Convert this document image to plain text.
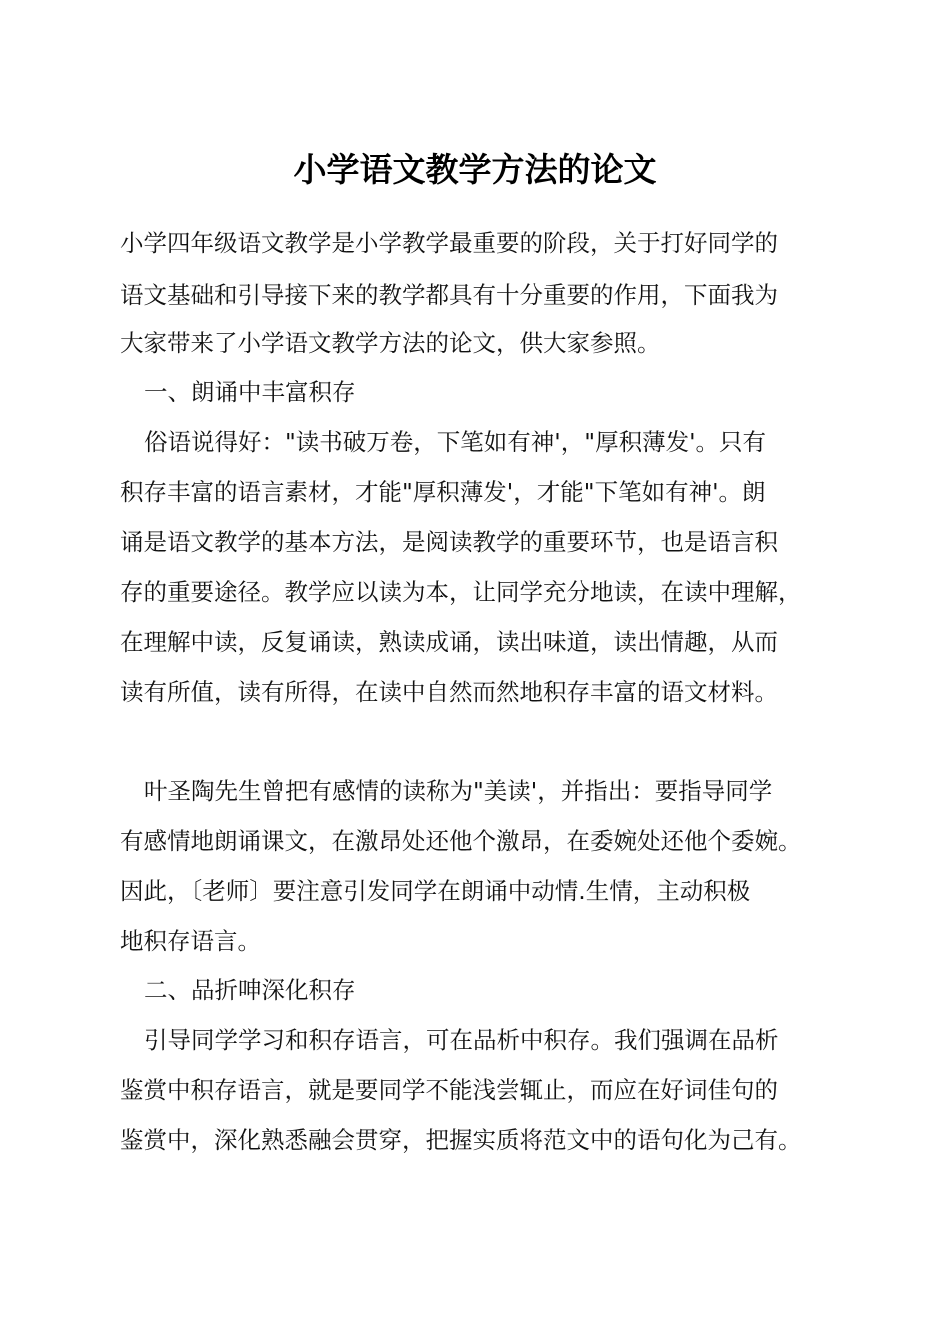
小学语文教学方法的论文
小学四年级语文教学是小学教学最重要的阶段，关于打好同学的
语文基础和引导接下来的教学都具有十分重要的作用，下面我为
大家带来了小学语文教学方法的论文，供大家参照。
一、朗诵中丰富积存
俗语说得好："读书破万卷，下笔如有神'，"厚积薄发'。只有
积存丰富的语言素材，才能"厚积薄发'，才能"下笔如有神'。朗
诵是语文教学的基本方法，是阅读教学的重要环节，也是语言积
存的重要途径。教学应以读为本，让同学充分地读，在读中理解，
在理解中读，反复诵读，熟读成诵，读出味道，读出情趣，从而
读有所值，读有所得，在读中自然而然地积存丰富的语文材料。
叶圣陶先生曾把有感情的读称为"美读'，并指出：要指导同学
有感情地朗诵课文，在激昂处还他个激昂，在委婉处还他个委婉。
因此，〔老师〕要注意引发同学在朗诵中动情.生情，主动积极
地积存语言。
二、品折呻深化积存
引导同学学习和积存语言，可在品析中积存。我们强调在品析
鉴赏中积存语言，就是要同学不能浅尝辄止，而应在好词佳句的
鉴赏中，深化熟悉融会贯穿，把握实质将范文中的语句化为己有。
